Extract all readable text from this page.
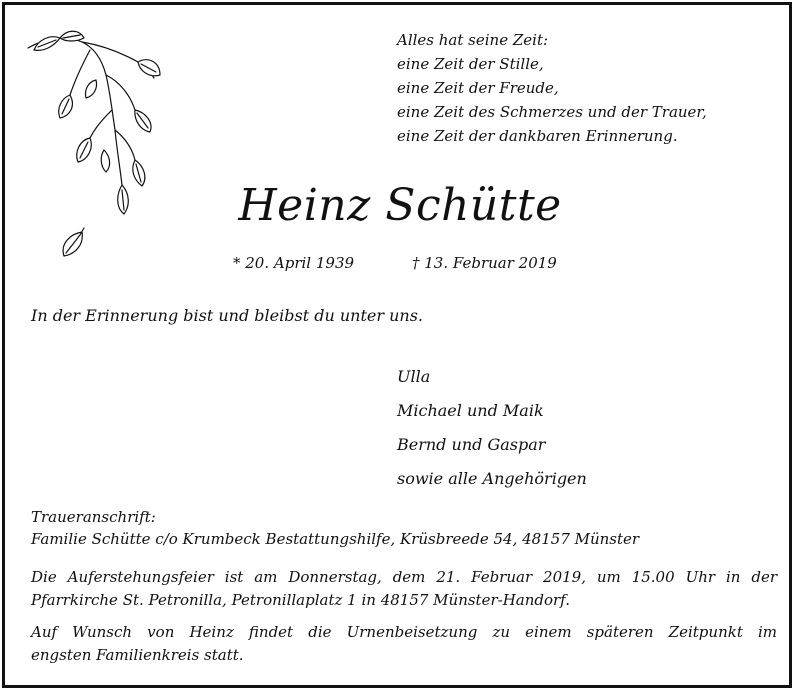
Alles hat seine Zeit:
eine Zeit der Stille,
eine Zeit der Freude,
eine Zeit des Schmerzes und der Trauer,
eine Zeit der dankbaren Erinnerung.
Heinz Schütte
* 20. April 1939	† 13. Februar 2019
In der Erinnerung bist und bleibst du unter uns.
Ulla
Michael und Maik
Bernd und Gaspar
sowie alle Angehörigen
Traueranschrift:
Familie Schütte c/o Krumbeck Bestattungshilfe, Krüsbreede 54, 48157 Münster
Die Auferstehungsfeier ist am Donnerstag, dem 21. Februar 2019, um 15.00 Uhr in der
Pfarrkirche St. Petronilla, Petronillaplatz 1 in 48157 Münster-Handorf.
Auf Wunsch von Heinz findet die Urnenbeisetzung zu einem späteren Zeitpunkt im
engsten Familienkreis statt.
